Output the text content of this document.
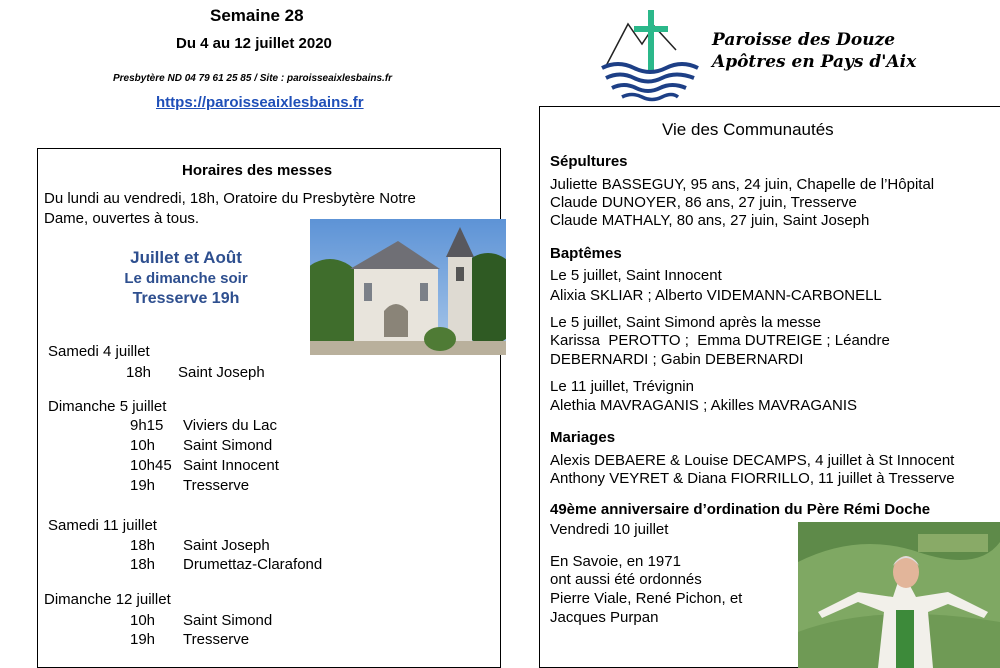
Semaine 28
Du 4 au 12 juillet 2020
Presbytère ND 04 79 61 25 85 / Site : paroisseaixlesbains.fr
https://paroisseaixlesbains.fr
Paroisse des Douze
Apôtres en Pays d'Aix
Horaires des messes
Du lundi au vendredi, 18h, Oratoire du Presbytère Notre
Dame, ouvertes à tous.
Juillet et Août
Le dimanche soir
Tresserve 19h
Samedi 4 juillet
18h Saint Joseph
Dimanche 5 juillet
9h15 Viviers du Lac
10h Saint Simond
10h45 Saint Innocent
19h Tresserve
Samedi 11 juillet
18h Saint Joseph
18h Drumettaz-Clarafond
Dimanche 12 juillet
10h Saint Simond
19h Tresserve
Vie des Communautés
Sépultures
Juliette BASSEGUY, 95 ans, 24 juin, Chapelle de l’Hôpital
Claude DUNOYER, 86 ans, 27 juin, Tresserve
Claude MATHALY, 80 ans, 27 juin, Saint Joseph
Baptêmes
Le 5 juillet, Saint Innocent
Alixia SKLIAR ; Alberto VIDEMANN-CARBONELL
Le 5 juillet, Saint Simond après la messe
Karissa  PEROTTO ;  Emma DUTREIGE ; Léandre
DEBERNARDI ; Gabin DEBERNARDI
Le 11 juillet, Trévignin
Alethia MAVRAGANIS ; Akilles MAVRAGANIS
Mariages
Alexis DEBAERE & Louise DECAMPS, 4 juillet à St Innocent
Anthony VEYRET & Diana FIORRILLO, 11 juillet à Tresserve
49ème anniversaire d’ordination du Père Rémi Doche
Vendredi 10 juillet
En Savoie, en 1971
ont aussi été ordonnés
Pierre Viale, René Pichon, et
Jacques Purpan
